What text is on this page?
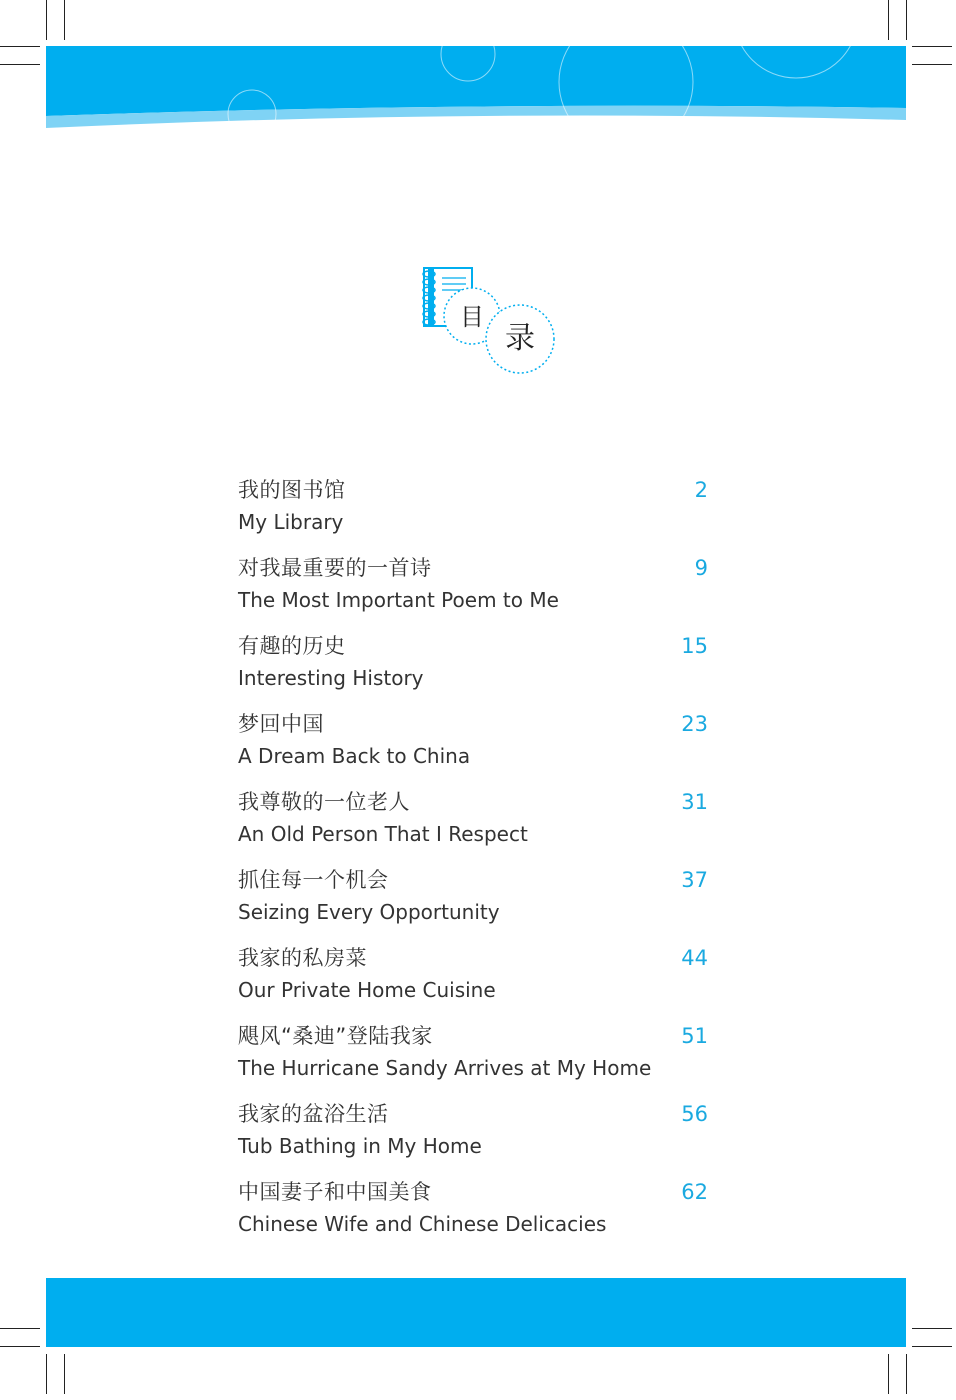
目
录
我的图书馆
My Library
2
对我最重要的一首诗
The Most Important Poem to Me
9
有趣的历史
Interesting History
15
梦回中国
A Dream Back to China
23
我尊敬的一位老人
An Old Person That I Respect
31
抓住每一个机会
Seizing Every Opportunity
37
我家的私房菜
Our Private Home Cuisine
44
飓风“桑迪”登陆我家
The Hurricane Sandy Arrives at My Home
51
我家的盆浴生活
Tub Bathing in My Home
56
中国妻子和中国美食
Chinese Wife and Chinese Delicacies
62
